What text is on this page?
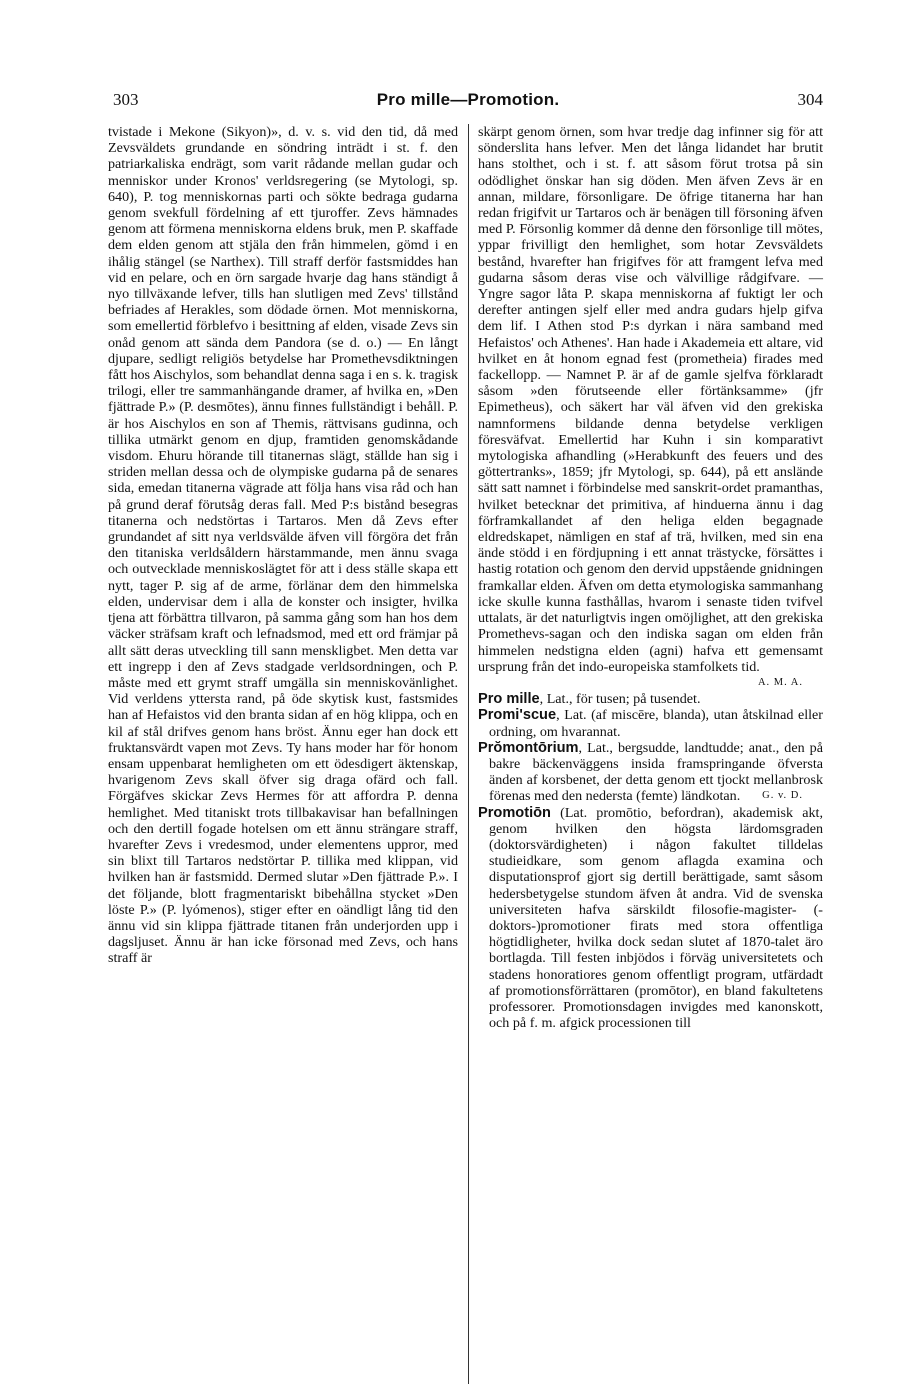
303	Pro mille—Promotion.	304

tvistade i Mekone (Sikyon)», d. v. s. vid den tid, då med Zevsväldets grundande en söndring inträdt i st. f. den patriarkaliska endrägt, som varit rådande mellan gudar och menniskor under Kronos' verldsregering (se Mytologi, sp. 640), P. tog menniskornas parti och sökte bedraga gudarna genom svekfull fördelning af ett tjuroffer. Zevs hämnades genom att förmena menniskorna eldens bruk, men P. skaffade dem elden genom att stjäla den från himmelen, gömd i en ihålig stängel (se Narthex). Till straff derför fastsmiddes han vid en pelare, och en örn sargade hvarje dag hans ständigt å nyo tillväxande lefver, tills han slutligen med Zevs' tillstånd befriades af Herakles, som dödade örnen. Mot menniskorna, som emellertid förblefvo i besittning af elden, visade Zevs sin onåd genom att sända dem Pandora (se d. o.) — En långt djupare, sedligt religiös betydelse har Promethevsdiktningen fått hos Aischylos, som behandlat denna saga i en s. k. tragisk trilogi, eller tre sammanhängande dramer, af hvilka en, »Den fjättrade P.» (P. desmōtes), ännu finnes fullständigt i behåll. P. är hos Aischylos en son af Themis, rättvisans gudinna, och tillika utmärkt genom en djup, framtiden genomskådande visdom. Ehuru hörande till titanernas slägt, ställde han sig i striden mellan dessa och de olympiske gudarna på de senares sida, emedan titanerna vägrade att följa hans visa råd och han på grund deraf förutsåg deras fall. Med P:s bistånd besegras titanerna och nedstörtas i Tartaros. Men då Zevs efter grundandet af sitt nya verldsvälde äfven vill förgöra det från den titaniska verldsåldern härstammande, men ännu svaga och outvecklade menniskoslägtet för att i dess ställe skapa ett nytt, tager P. sig af de arme, förlänar dem den himmelska elden, undervisar dem i alla de konster och insigter, hvilka tjena att förbättra tillvaron, på samma gång som han hos dem väcker sträfsam kraft och lefnadsmod, med ett ord främjar på allt sätt deras utveckling till sann menskligbet. Men detta var ett ingrepp i den af Zevs stadgade verldsordningen, och P. måste med ett grymt straff umgälla sin menniskovänlighet. Vid verldens yttersta rand, på öde skytisk kust, fastsmides han af Hefaistos vid den branta sidan af en hög klippa, och en kil af stål drifves genom hans bröst. Ännu eger han dock ett fruktansvärdt vapen mot Zevs. Ty hans moder har för honom ensam uppenbarat hemligheten om ett ödesdigert äktenskap, hvarigenom Zevs skall öfver sig draga ofärd och fall. Förgäfves skickar Zevs Hermes för att affordra P. denna hemlighet. Med titaniskt trots tillbakavisar han befallningen och den dertill fogade hotelsen om ett ännu strängare straff, hvarefter Zevs i vredesmod, under elementens uppror, med sin blixt till Tartaros nedstörtar P. tillika med klippan, vid hvilken han är fastsmidd. Dermed slutar »Den fjättrade P.». I det följande, blott fragmentariskt bibehållna stycket »Den löste P.» (P. lyómenos), stiger efter en oändligt lång tid den ännu vid sin klippa fjättrade titanen från underjorden upp i dagsljuset. Ännu är han icke försonad med Zevs, och hans straff är

skärpt genom örnen, som hvar tredje dag infinner sig för att sönderslita hans lefver. Men det långa lidandet har brutit hans stolthet, och i st. f. att såsom förut trotsa på sin odödlighet önskar han sig döden. Men äfven Zevs är en annan, mildare, försonligare. De öfrige titanerna har han redan frigifvit ur Tartaros och är benägen till försoning äfven med P. Försonlig kommer då denne den försonlige till mötes, yppar frivilligt den hemlighet, som hotar Zevsväldets bestånd, hvarefter han frigifves för att framgent lefva med gudarna såsom deras vise och välvillige rådgifvare. — Yngre sagor låta P. skapa menniskorna af fuktigt ler och derefter antingen sjelf eller med andra gudars hjelp gifva dem lif. I Athen stod P:s dyrkan i nära samband med Hefaistos' och Athenes'. Han hade i Akademeia ett altare, vid hvilket en åt honom egnad fest (prometheia) firades med fackellopp. — Namnet P. är af de gamle sjelfva förklaradt såsom »den förutseende eller förtänksamme» (jfr Epimetheus), och säkert har väl äfven vid den grekiska namnformens bildande denna betydelse verkligen föresväfvat. Emellertid har Kuhn i sin komparativt mytologiska afhandling (»Herabkunft des feuers und des göttertranks», 1859; jfr Mytologi, sp. 644), på ett ansländе sätt satt namnet i förbindelse med sanskrit-ordet pramanthas, hvilket betecknar det primitiva, af hinduerna ännu i dag förframkallandet af den heliga elden begagnade eldredskapet, nämligen en staf af trä, hvilken, med sin ena ände stödd i en fördjupning i ett annat trästycke, försättes i hastig rotation och genom den dervid uppstående gnidningen framkallar elden. Äfven om detta etymologiska sammanhang icke skulle kunna fasthållas, hvarom i senaste tiden tvifvel uttalats, är det naturligtvis ingen omöjlighet, att den grekiska Promethevs-sagan och den indiska sagan om elden från himmelen nedstigna elden (agni) hafva ett gemensamt ursprung från det indo-europeiska stamfolkets tid.

A. M. A.

Pro mille, Lat., för tusen; på tusendet.

Promi'scue, Lat. (af miscēre, blanda), utan åtskilnad eller ordning, om hvarannat.

Prŏmontōrium, Lat., bergsudde, landtudde; anat., den på bakre bäckenväggens insida framspringande öfversta änden af korsbenet, der detta genom ett tjockt mellanbrosk förenas med den nedersta (femte) ländkotan. G. v. D.

Promotiōn (Lat. promōtio, befordran), akademisk akt, genom hvilken den högsta lärdomsgraden (doktorsvärdigheten) i någon fakultet tilldelas studieidkare, som genom aflagda examina och disputationsprof gjort sig dertill berättigade, samt såsom hedersbetygelse stundom äfven åt andra. Vid de svenska universiteten hafva särskildt filosofie-magister- (-doktors-)promotioner firats med stora offentliga högtidligheter, hvilka dock sedan slutet af 1870-talet äro bortlagda. Till festen inbjödos i förväg universitetets och stadens honoratiores genom offentligt program, utfärdadt af promotionsförrättaren (promōtor), en bland fakultetens professorer. Promotionsdagen invigdes med kanonskott, och på f. m. afgick processionen till
